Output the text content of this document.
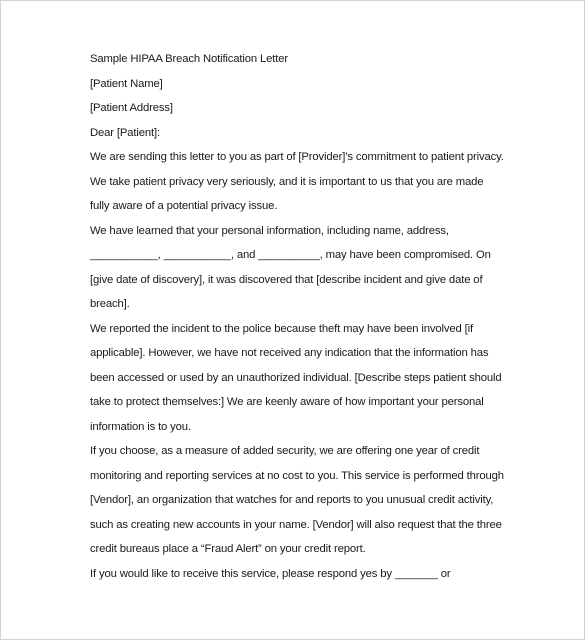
Sample HIPAA Breach Notification Letter
[Patient Name]
[Patient Address]
Dear [Patient]:
We are sending this letter to you as part of [Provider]’s commitment to patient privacy.
We take patient privacy very seriously, and it is important to us that you are made
fully aware of a potential privacy issue.
We have learned that your personal information, including name, address,
___________, ___________, and __________, may have been compromised. On
[give date of discovery], it was discovered that [describe incident and give date of
breach].
We reported the incident to the police because theft may have been involved [if
applicable]. However, we have not received any indication that the information has
been accessed or used by an unauthorized individual. [Describe steps patient should
take to protect themselves:] We are keenly aware of how important your personal
information is to you.
If you choose, as a measure of added security, we are offering one year of credit
monitoring and reporting services at no cost to you. This service is performed through
[Vendor], an organization that watches for and reports to you unusual credit activity,
such as creating new accounts in your name. [Vendor] will also request that the three
credit bureaus place a “Fraud Alert” on your credit report.
If you would like to receive this service, please respond yes by _______ or
